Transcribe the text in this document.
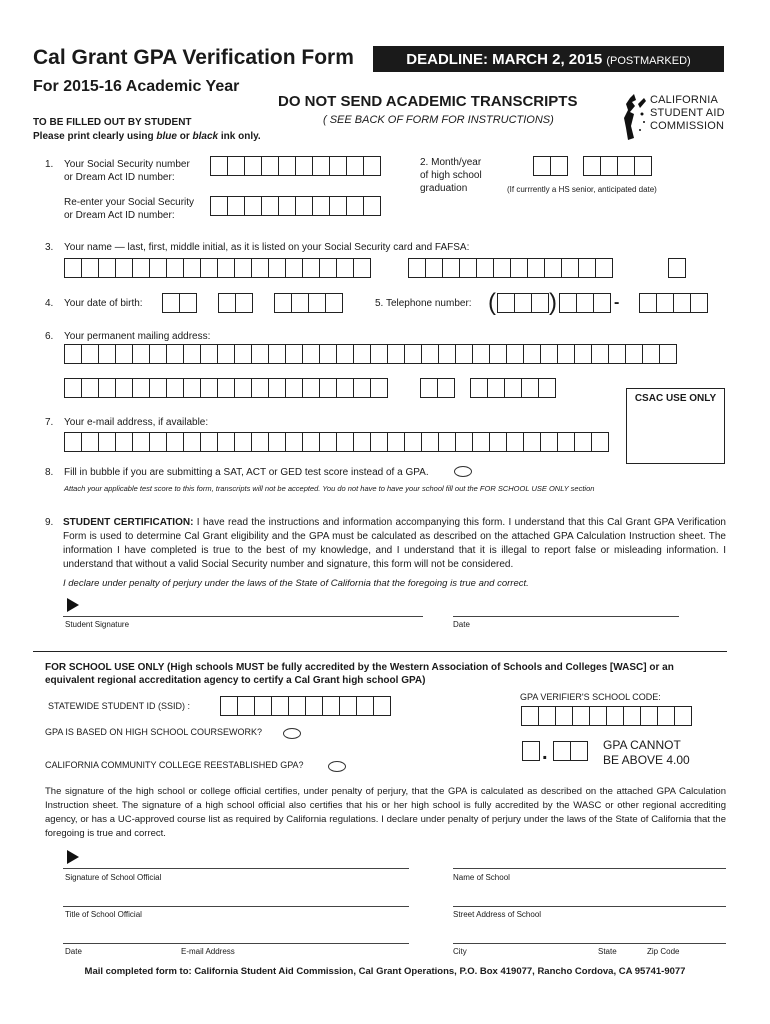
Cal Grant GPA Verification Form	DEADLINE: MARCH 2, 2015 (POSTMARKED)
For 2015-16 Academic Year
DO NOT SEND ACADEMIC TRANSCRIPTS
( SEE BACK OF FORM FOR INSTRUCTIONS)
CALIFORNIA
STUDENT AID
COMMISSION
TO BE FILLED OUT BY STUDENT
Please print clearly using blue or black ink only.
1. Your Social Security number
or Dream Act ID number:
Re-enter your Social Security
or Dream Act ID number:
2. Month/year
of high school
graduation	(If currrently a HS senior, anticipated date)
3. Your name — last, first, middle initial, as it is listed on your Social Security card and FAFSA:
4. Your date of birth:	5. Telephone number: ( )	-
6. Your permanent mailing address:
CSAC USE ONLY
7. Your e-mail address, if available:
8. Fill in bubble if you are submitting a SAT, ACT or GED test score instead of a GPA.
Attach your applicable test score to this form, transcripts will not be accepted. You do not have to have your school fill out the FOR SCHOOL USE ONLY section
9. STUDENT CERTIFICATION: I have read the instructions and information accompanying this form. I understand that this Cal Grant GPA Verification Form is used to determine Cal Grant eligibility and the GPA must be calculated as described on the attached GPA Calculation Instruction sheet. The information I have completed is true to the best of my knowledge, and I understand that it is illegal to report false or misleading information. I understand that without a valid Social Security number and signature, this form will not be considered.
I declare under penalty of perjury under the laws of the State of California that the foregoing is true and correct.
Student Signature	Date
FOR SCHOOL USE ONLY (High schools MUST be fully accredited by the Western Association of Schools and Colleges [WASC] or an equivalent regional accreditation agency to certify a Cal Grant high school GPA)
GPA VERIFIER'S SCHOOL CODE:
STATEWIDE STUDENT ID (SSID) :
GPA IS BASED ON HIGH SCHOOL COURSEWORK?
.	GPA CANNOT
BE ABOVE 4.00
CALIFORNIA COMMUNITY COLLEGE REESTABLISHED GPA?
The signature of the high school or college official certifies, under penalty of perjury, that the GPA is calculated as described on the attached GPA Calculation Instruction sheet. The signature of a high school official also certifies that his or her high school is fully accredited by the WASC or other regional accrediting agency, or has a UC-approved course list as required by California regulations. I declare under penalty of perjury under the laws of the State of California that the foregoing is true and correct.
Signature of School Official	Name of School
Title of School Official	Street Address of School
Date	E-mail Address	City	State	Zip Code
Mail completed form to: California Student Aid Commission, Cal Grant Operations, P.O. Box 419077, Rancho Cordova, CA 95741-9077
